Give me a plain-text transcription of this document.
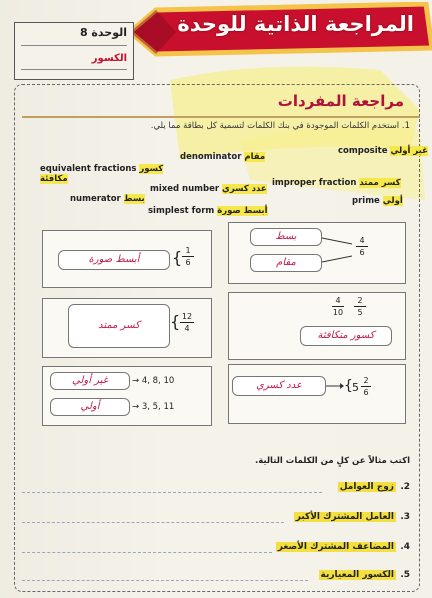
المراجعة الذاتية للوحدة
الوحدة 8
الكسور
مراجعة المفردات
1. استخدم الكلمات الموجودة في بنك الكلمات لتسمية كل بطاقة مما يلي.
composite غير أولي
denominator مقام
equivalent fractions كسور مكافئة	improper fraction كسر ممتد
mixed number عدد كسري
numerator بسط	prime أولي
simplest form أبسط صورة
بسط
مقام
4
6
أبسط صورة	{ 1
6
4
10
2
5
كسور متكافئة
كسر ممتد	{ 12
4
عدد كسري	{ 5
2
6
غير أولي
أولي
→ 4, 8, 10
→ 3, 5, 11
اكتب مثالاً عن كلٍ من الكلمات التالية.
2.
زوج العوامل
3.
العامل المشترك الأكبر
4.
المضاعف المشترك الأصغر
5.
الكسور المعيارية
